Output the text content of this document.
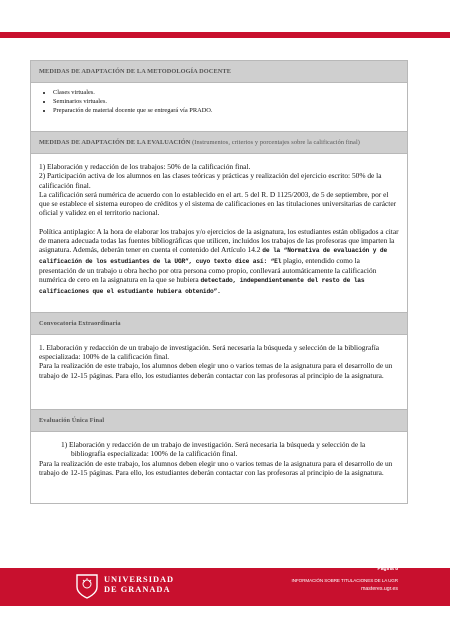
MEDIDAS DE ADAPTACIÓN DE LA METODOLOGÍA DOCENTE
• Clases virtuales.
• Seminarios virtuales.
• Preparación de material docente que se entregará vía PRADO.
MEDIDAS DE ADAPTACIÓN DE LA EVALUACIÓN (Instrumentos, criterios y porcentajes sobre la calificación final)

1) Elaboración y redacción de los trabajos: 50% de la calificación final.

2) Participación activa de los alumnos en las clases teóricas y prácticas y realización del ejercicio escrito: 50% de la calificación final.

La calificación será numérica de acuerdo con lo establecido en el art. 5 del R. D 1125/2003, de 5 de septiembre, por el que se establece el sistema europeo de créditos y el sistema de calificaciones en las titulaciones universitarias de carácter oficial y validez en el territorio nacional.

Política antiplagio: A la hora de elaborar los trabajos y/o ejercicios de la asignatura, los estudiantes están obligados a citar de manera adecuada todas las fuentes bibliográficas que utilicen, incluidos los trabajos de las profesoras que imparten la asignatura. Además, deberán tener en cuenta el contenido del Artículo 14.2 de la “Normativa de evaluación y de calificación de los estudiantes de la UGR”, cuyo texto dice así: “El plagio, entendido como la presentación de un trabajo u obra hecho por otra persona como propio, conllevará automáticamente la calificación numérica de cero en la asignatura en la que se hubiera detectado, independientemente del resto de las calificaciones que el estudiante hubiera obtenido”.

Convocatoria Extraordinaria

1. Elaboración y redacción de un trabajo de investigación. Será necesaria la búsqueda y selección de la bibliografía especializada: 100% de la calificación final.

Para la realización de este trabajo, los alumnos deben elegir uno o varios temas de la asignatura para el desarrollo de un trabajo de 12-15 páginas. Para ello, los estudiantes deberán contactar con las profesoras al principio de la asignatura.

Evaluación Única Final

1) Elaboración y redacción de un trabajo de investigación. Será necesaria la búsqueda y selección de la bibliografía especializada: 100% de la calificación final.

Para la realización de este trabajo, los alumnos deben elegir uno o varios temas de la asignatura para el desarrollo de un trabajo de 12-15 páginas. Para ello, los estudiantes deberán contactar con las profesoras al principio de la asignatura.

UNIVERSIDAD
DE GRANADA
Página 8
INFORMACIÓN SOBRE TITULACIONES DE LA UGR
masteres.ugr.es
